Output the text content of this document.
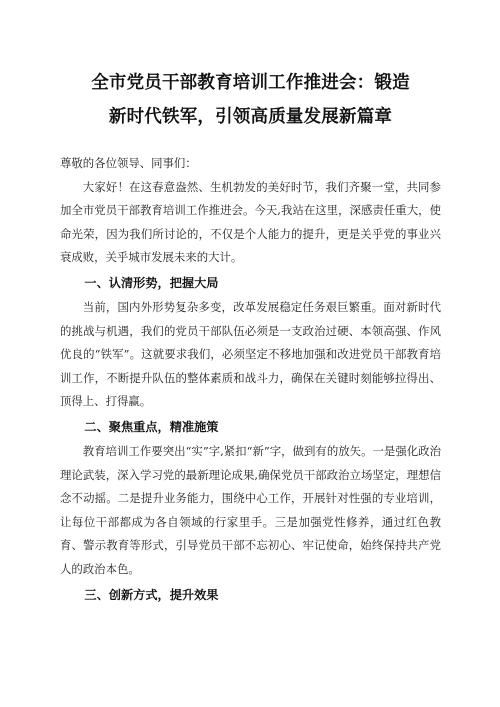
全市党员干部教育培训工作推进会：锻造
新时代铁军，引领高质量发展新篇章

尊敬的各位领导、同事们：

大家好！在这春意盎然、生机勃发的美好时节，我们齐聚一堂，共同参加全市党员干部教育培训工作推进会。今天,我站在这里，深感责任重大，使命光荣，因为我们所讨论的，不仅是个人能力的提升，更是关乎党的事业兴衰成败，关乎城市发展未来的大计。

一、认清形势，把握大局

当前，国内外形势复杂多变，改革发展稳定任务艰巨繁重。面对新时代的挑战与机遇，我们的党员干部队伍必须是一支政治过硬、本领高强、作风优良的“铁军”。这就要求我们，必须坚定不移地加强和改进党员干部教育培训工作，不断提升队伍的整体素质和战斗力，确保在关键时刻能够拉得出、顶得上、打得赢。

二、聚焦重点，精准施策

教育培训工作要突出“实”字,紧扣“新”字，做到有的放矢。一是强化政治理论武装，深入学习党的最新理论成果,确保党员干部政治立场坚定，理想信念不动摇。二是提升业务能力，围绕中心工作，开展针对性强的专业培训，让每位干部都成为各自领域的行家里手。三是加强党性修养，通过红色教育、警示教育等形式，引导党员干部不忘初心、牢记使命，始终保持共产党人的政治本色。

三、创新方式，提升效果
